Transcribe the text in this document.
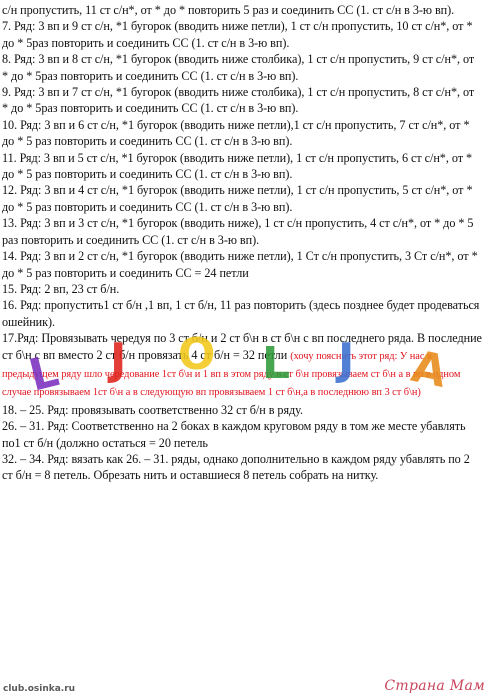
с/н пропустить, 11 ст с/н*, от * до * повторить 5 раз и соединить СС (1. ст с/н в 3-ю вп).

7. Ряд: 3 вп и 9 ст с/н, *1 бугорок (вводить ниже петли), 1 ст с/н пропустить, 10 ст с/н*, от * до * 5раз повторить и соединить СС (1. ст с/н в 3-ю вп).

8. Ряд: 3 вп и 8 ст с/н, *1 бугорок (вводить ниже столбика), 1 ст с/н пропустить, 9 ст с/н*, от * до * 5раз повторить и соединить СС (1. ст с/н в 3-ю вп).

9. Ряд: 3 вп и 7 ст с/н, *1 бугорок (вводить ниже столбика), 1 ст с/н пропустить, 8 ст с/н*, от * до * 5раз повторить и соединить СС (1. ст с/н в 3-ю вп).

10. Ряд: 3 вп и 6 ст с/н, *1 бугорок (вводить ниже петли),1 ст с/н пропустить, 7 ст с/н*, от * до * 5 раз повторить и соединить СС (1. ст с/н в 3-ю вп).

11. Ряд: 3 вп и 5 ст с/н, *1 бугорок (вводить ниже петли), 1 ст с/н пропустить, 6 ст с/н*, от * до * 5 раз повторить и соединить СС (1. ст с/н в 3-ю вп).

12. Ряд: 3 вп и 4 ст с/н, *1 бугорок (вводить ниже петли), 1 ст с/н пропустить, 5 ст с/н*, от * до * 5 раз повторить и соединить СС (1. ст с/н в 3-ю вп).

13. Ряд: 3 вп и 3 ст с/н, *1 бугорок (вводить ниже), 1 ст с/н пропустить, 4 ст с/н*, от * до * 5 раз повторить и соединить СС (1. ст с/н в 3-ю вп).

14. Ряд: 3 вп и 2 ст с/н, *1 бугорок (вводить ниже петли), 1 Ст с/н пропустить, 3 Ст с/н*, от * до * 5 раз повторить и соединить СС = 24 петли

15. Ряд: 2 вп, 23 ст б/н.

16. Ряд: пропустить1 ст б/н ,1 вп, 1 ст б/н, 11 раз повторить (здесь позднее будет продеваться ошейник).

17.Ряд: Провязывать чередуя по 3 ст б/н и 2 ст б\н в ст б\н с вп последнего ряда. В последние ст б\н с вп вместо 2 ст б/н провязать 4 ст б/н = 32 петли (хочу пояснить этот ряд: У нас в предыдущем ряду шло чередование 1ст б\н и 1 вп в этом ряду в ст б\н провязываем ст б\н а в вп в одном случае провязываем 1ст б\н а в следующую вп провязываем 1 ст б\н,а в последнюю вп 3 ст б\н)

18. – 25. Ряд: провязывать соответственно 32 ст б/н в ряду.

26. – 31. Ряд: Соответственно на 2 боках в каждом круговом ряду в том же месте убавлять по1 ст б/н (должно остаться = 20 петель

32. – 34. Ряд: вязать как 26. – 31. ряды, однако дополнительно в каждом ряду убавлять по 2 ст б/н = 8 петель. Обрезать нить и оставшиеся 8 петель собрать на нитку.

L J O L J A
club.osinka.ru	Страна Мам
